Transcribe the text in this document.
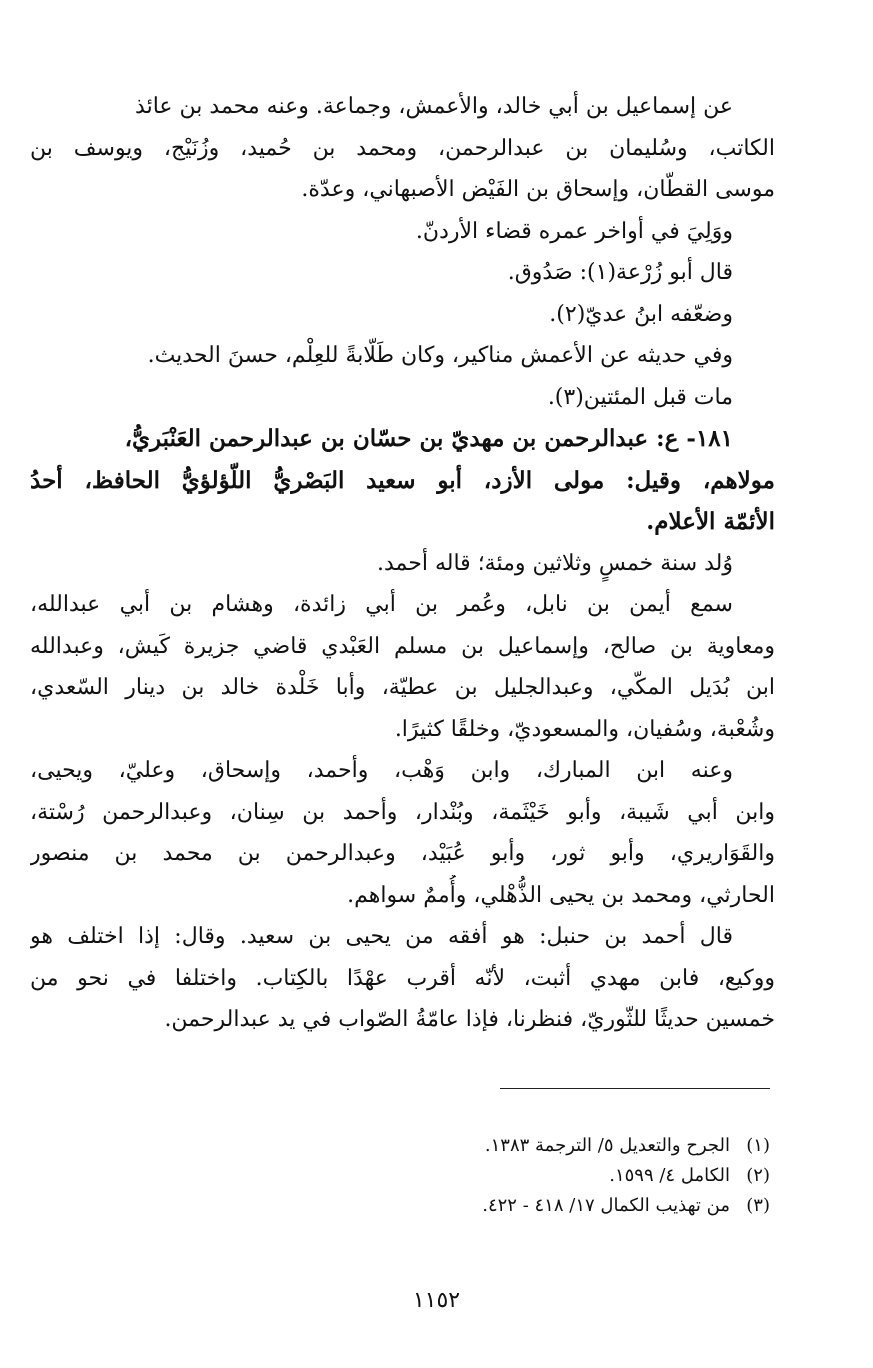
عن إسماعيل بن أبي خالد، والأعمش، وجماعة. وعنه محمد بن عائذ
الكاتب، وسُليمان بن عبدالرحمن، ومحمد بن حُميد، وزُنَيْج، ويوسف بن
موسى القطّان، وإسحاق بن الفَيْض الأصبهاني، وعدّة.
ووَلِيَ في أواخر عمره قضاء الأردنّ.
قال أبو زُرْعة(١): صَدُوق.
وضعّفه ابنُ عديّ(٢).
وفي حديثه عن الأعمش مناكير، وكان طَلّابةً للعِلْم، حسنَ الحديث.
مات قبل المئتين(٣).
١٨١- ع: عبدالرحمن بن مهديّ بن حسّان بن عبدالرحمن العَنْبَريُّ،
مولاهم، وقيل: مولى الأزد، أبو سعيد البَصْريُّ اللّؤلؤيُّ الحافظ، أحدُ
الأئمّة الأعلام.
وُلد سنة خمسٍ وثلاثين ومئة؛ قاله أحمد.
سمع أيمن بن نابل، وعُمر بن أبي زائدة، وهشام بن أبي عبدالله،
ومعاوية بن صالح، وإسماعيل بن مسلم العَبْدي قاضي جزيرة كَيش، وعبدالله
ابن بُدَيل المكّي، وعبدالجليل بن عطيّة، وأبا خَلْدة خالد بن دينار السّعدي،
وشُعْبة، وسُفيان، والمسعوديّ، وخلقًا كثيرًا.
وعنه ابن المبارك، وابن وَهْب، وأحمد، وإسحاق، وعليّ، ويحيى،
وابن أبي شَيبة، وأبو خَيْثَمة، وبُنْدار، وأحمد بن سِنان، وعبدالرحمن رُسْتة،
والقَوَاريري، وأبو ثور، وأبو عُبَيْد، وعبدالرحمن بن محمد بن منصور
الحارثي، ومحمد بن يحيى الذُّهْلي، وأُممٌ سواهم.
قال أحمد بن حنبل: هو أفقه من يحيى بن سعيد. وقال: إذا اختلف هو
ووكيع، فابن مهدي أثبت، لأنّه أقرب عهْدًا بالكِتاب. واختلفا في نحو من
خمسين حديثًا للثّوريّ، فنظرنا، فإذا عامّةُ الصّواب في يد عبدالرحمن.
(١)الجرح والتعديل ٥/ الترجمة ١٣٨٣.
(٢)الكامل ٤/ ١٥٩٩.
(٣)من تهذيب الكمال ١٧/ ٤١٨ - ٤٢٢.
١١٥٢
